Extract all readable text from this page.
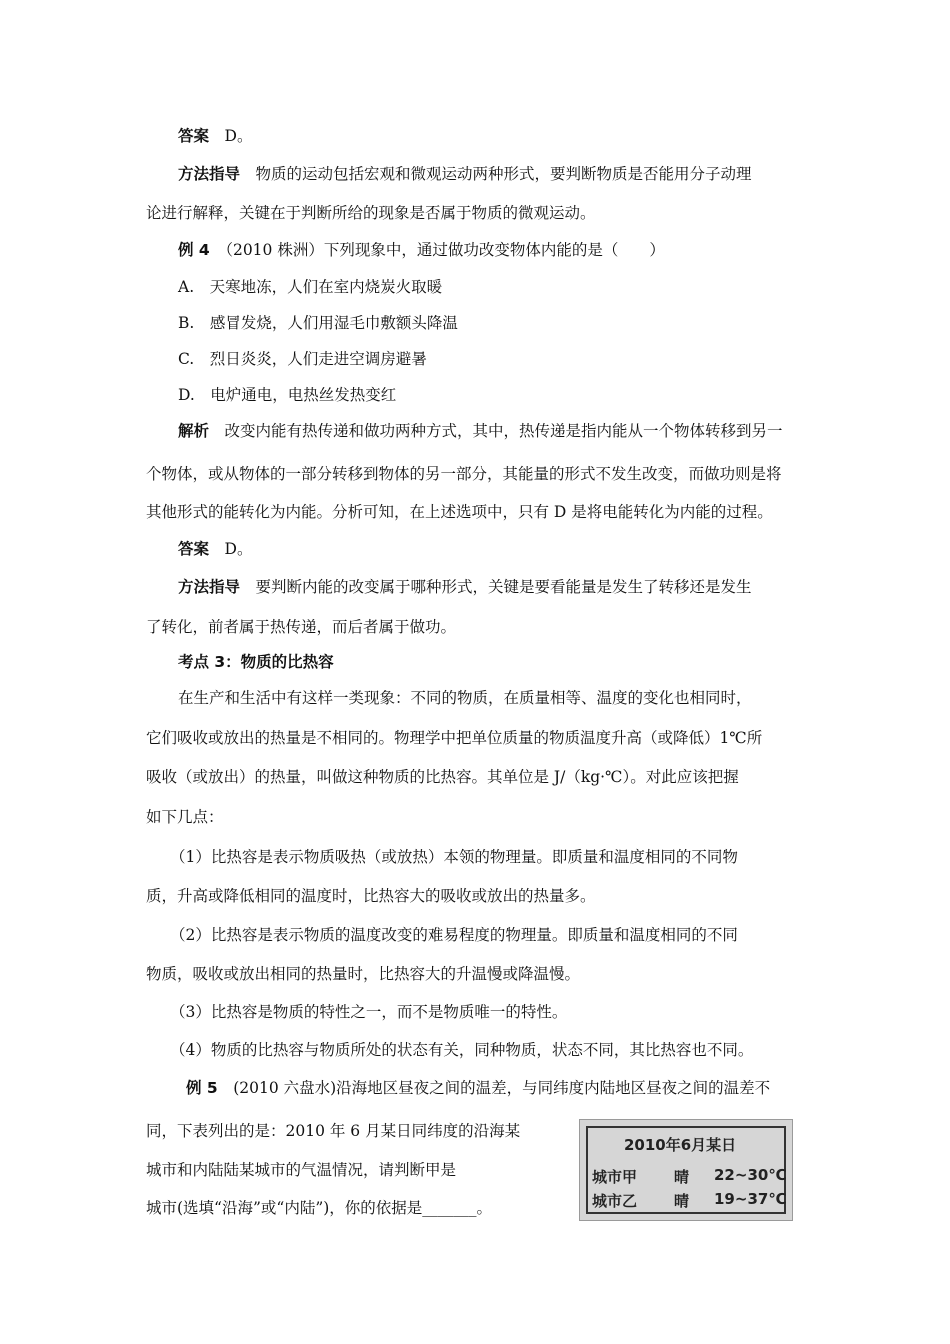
答案　 D。
方法指导　 物质的运动包括宏观和微观运动两种形式，要判断物质是否能用分子动理
论进行解释，关键在于判断所给的现象是否属于物质的微观运动。
例 4　 （2010 株洲）下列现象中，通过做功改变物体内能的是（　　）
A.　天寒地冻，人们在室内烧炭火取暖
B.　感冒发烧，人们用湿毛巾敷额头降温
C.　烈日炎炎，人们走进空调房避暑
D.　电炉通电，电热丝发热变红
解析　 改变内能有热传递和做功两种方式，其中，热传递是指内能从一个物体转移到另一
个物体，或从物体的一部分转移到物体的另一部分，其能量的形式不发生改变，而做功则是将
其他形式的能转化为内能。分析可知，在上述选项中，只有 D 是将电能转化为内能的过程。
答案　 D。
方法指导　 要判断内能的改变属于哪种形式，关键是要看能量是发生了转移还是发生
了转化，前者属于热传递，而后者属于做功。
考点 3：物质的比热容
在生产和生活中有这样一类现象：不同的物质，在质量相等、温度的变化也相同时，
它们吸收或放出的热量是不相同的。物理学中把单位质量的物质温度升高（或降低）1℃所
吸收（或放出）的热量，叫做这种物质的比热容。其单位是 J/（kg·℃）。对此应该把握
如下几点：
（1）比热容是表示物质吸热（或放热）本领的物理量。即质量和温度相同的不同物
质，升高或降低相同的温度时，比热容大的吸收或放出的热量多。
（2）比热容是表示物质的温度改变的难易程度的物理量。即质量和温度相同的不同
物质，吸收或放出相同的热量时，比热容大的升温慢或降温慢。
（3）比热容是物质的特性之一，而不是物质唯一的特性。
（4）物质的比热容与物质所处的状态有关，同种物质，状态不同，其比热容也不同。
例 5　 (2010 六盘水)沿海地区昼夜之间的温差，与同纬度内陆地区昼夜之间的温差不
同，下表列出的是：2010 年 6 月某日同纬度的沿海某
城市和内陆陆某城市的气温情况，请判断甲是
城市(选填“沿海”或“内陆”)，你的依据是_______。
2010年6月某日
城市甲 晴 22~30℃
城市乙 晴 19~37℃
